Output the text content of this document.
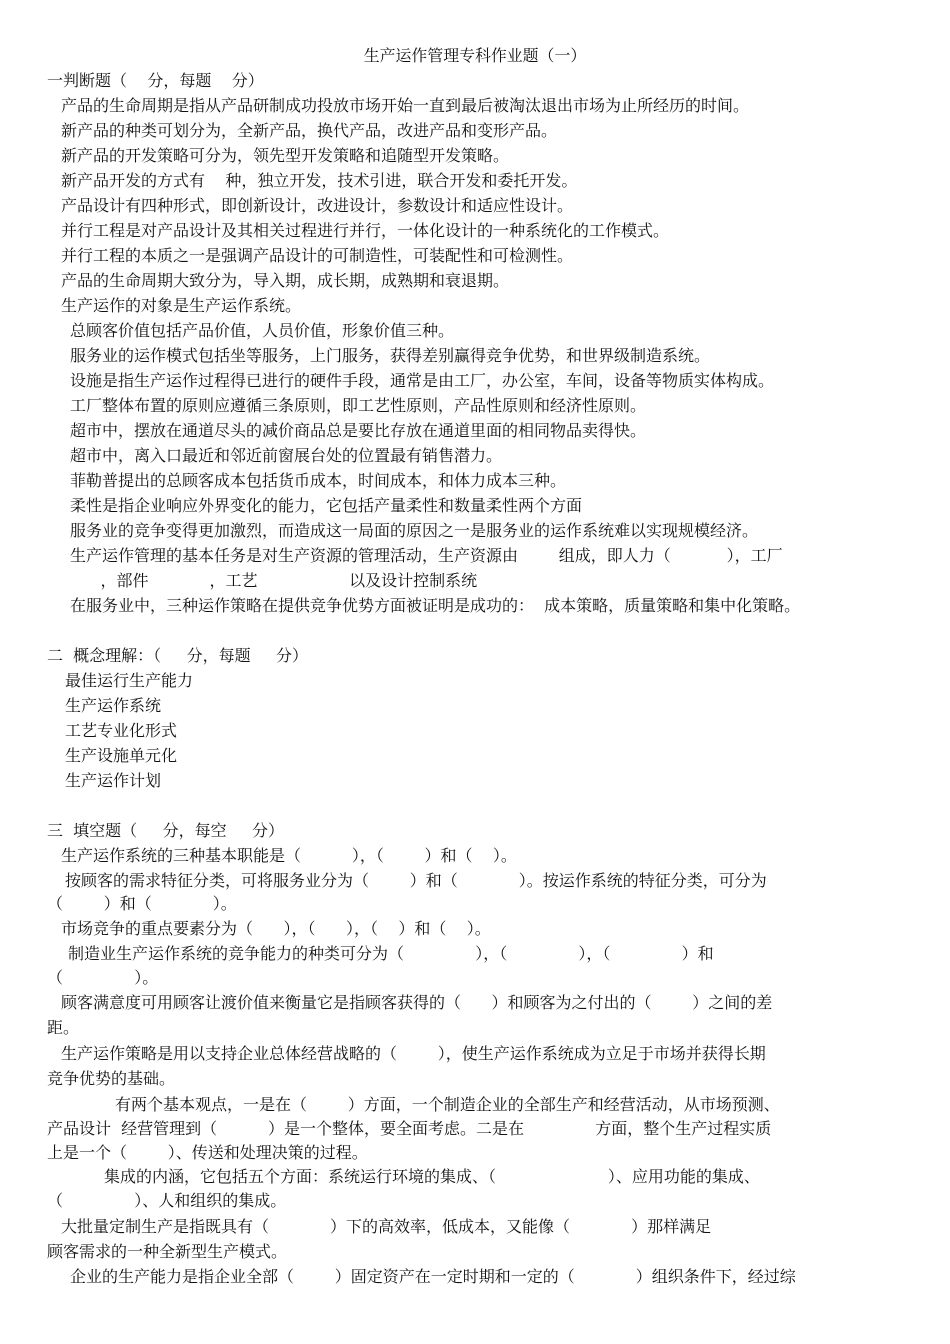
生产运作管理专科作业题（一）
一判断题（    分，每题    分）
产品的生命周期是指从产品研制成功投放市场开始一直到最后被淘汰退出市场为止所经历的时间。
新产品的种类可划分为，全新产品，换代产品，改进产品和变形产品。
新产品的开发策略可分为，领先型开发策略和追随型开发策略。
新产品开发的方式有    种，独立开发，技术引进，联合开发和委托开发。
产品设计有四种形式，即创新设计，改进设计，参数设计和适应性设计。
并行工程是对产品设计及其相关过程进行并行，一体化设计的一种系统化的工作模式。
并行工程的本质之一是强调产品设计的可制造性，可装配性和可检测性。
产品的生命周期大致分为，导入期，成长期，成熟期和衰退期。
生产运作的对象是生产运作系统。
总顾客价值包括产品价值，人员价值，形象价值三种。
服务业的运作模式包括坐等服务，上门服务，获得差别赢得竞争优势，和世界级制造系统。
设施是指生产运作过程得已进行的硬件手段，通常是由工厂，办公室，车间，设备等物质实体构成。
工厂整体布置的原则应遵循三条原则，即工艺性原则，产品性原则和经济性原则。
超市中，摆放在通道尽头的减价商品总是要比存放在通道里面的相同物品卖得快。
超市中，离入口最近和邻近前窗展台处的位置最有销售潜力。
菲勒普提出的总顾客成本包括货币成本，时间成本，和体力成本三种。
柔性是指企业响应外界变化的能力，它包括产量柔性和数量柔性两个方面
服务业的竞争变得更加激烈，而造成这一局面的原因之一是服务业的运作系统难以实现规模经济。
生产运作管理的基本任务是对生产资源的管理活动，生产资源由        组成，即人力（           ），工厂
，部件            ，工艺                  以及设计控制系统
在服务业中，三种运作策略在提供竞争优势方面被证明是成功的：  成本策略，质量策略和集中化策略。
二  概念理解：（     分，每题     分）
最佳运行生产能力
生产运作系统
工艺专业化形式
生产设施单元化
生产运作计划
三  填空题（     分，每空     分）
生产运作系统的三种基本职能是（          ），（        ）和（    ）。
按顾客的需求特征分类，可将服务业分为（        ）和（            ）。按运作系统的特征分类，可分为
（        ）和（            ）。
市场竞争的重点要素分为（      ），（      ），（    ）和（    ）。
制造业生产运作系统的竞争能力的种类可分为（              ），（              ），（              ）和
（              ）。
顾客满意度可用顾客让渡价值来衡量它是指顾客获得的（      ）和顾客为之付出的（        ）之间的差
距。
生产运作策略是用以支持企业总体经营战略的（        ），使生产运作系统成为立足于市场并获得长期
竞争优势的基础。
有两个基本观点，一是在（        ）方面，一个制造企业的全部生产和经营活动，从市场预测、
产品设计  经营管理到（          ）是一个整体，要全面考虑。二是在              方面，整个生产过程实质
上是一个（        ）、传送和处理决策的过程。
集成的内涵，它包括五个方面：系统运行环境的集成、（                      ）、应用功能的集成、
（              ）、人和组织的集成。
大批量定制生产是指既具有（            ）下的高效率，低成本，又能像（            ）那样满足
顾客需求的一种全新型生产模式。
企业的生产能力是指企业全部（        ）固定资产在一定时期和一定的（            ）组织条件下，经过综
